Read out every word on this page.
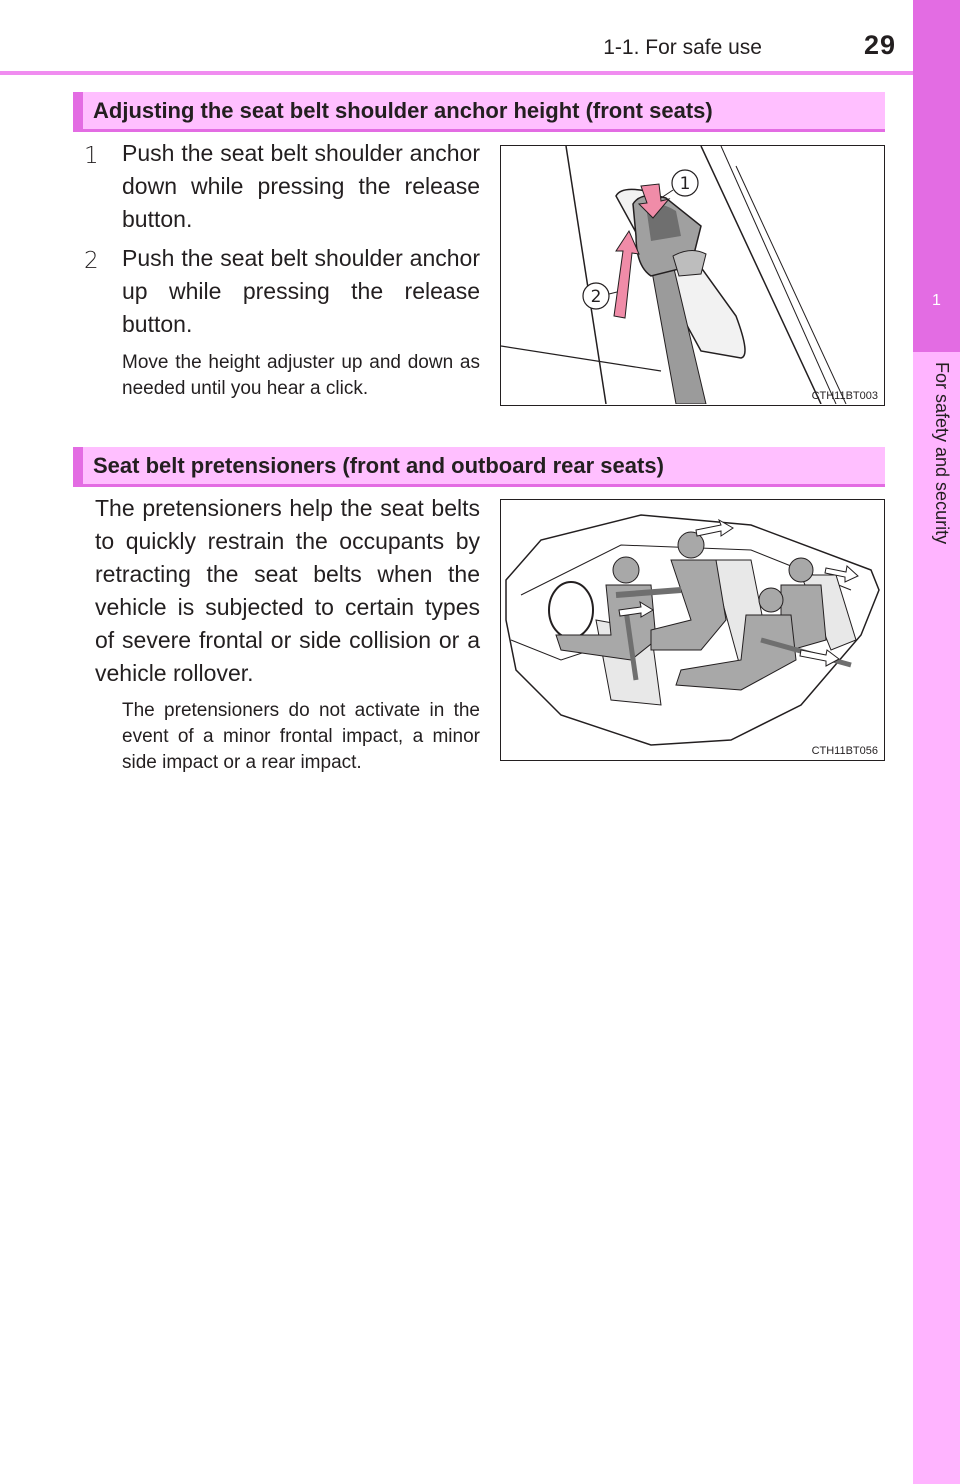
1-1. For safe use	29
1
For safety and security
Adjusting the seat belt shoulder anchor height (front seats)
1	Push the seat belt shoulder anchor down while pressing the release button.
2	Push the seat belt shoulder anchor up while pressing the release button.
Move the height adjuster up and down as needed until you hear a click.
1
2
CTH11BT003
Seat belt pretensioners (front and outboard rear seats)
The pretensioners help the seat belts to quickly restrain the occupants by retracting the seat belts when the vehicle is subjected to certain types of severe frontal or side collision or a vehicle rollover.
The pretensioners do not activate in the event of a minor frontal impact, a minor side impact or a rear impact.
CTH11BT056
